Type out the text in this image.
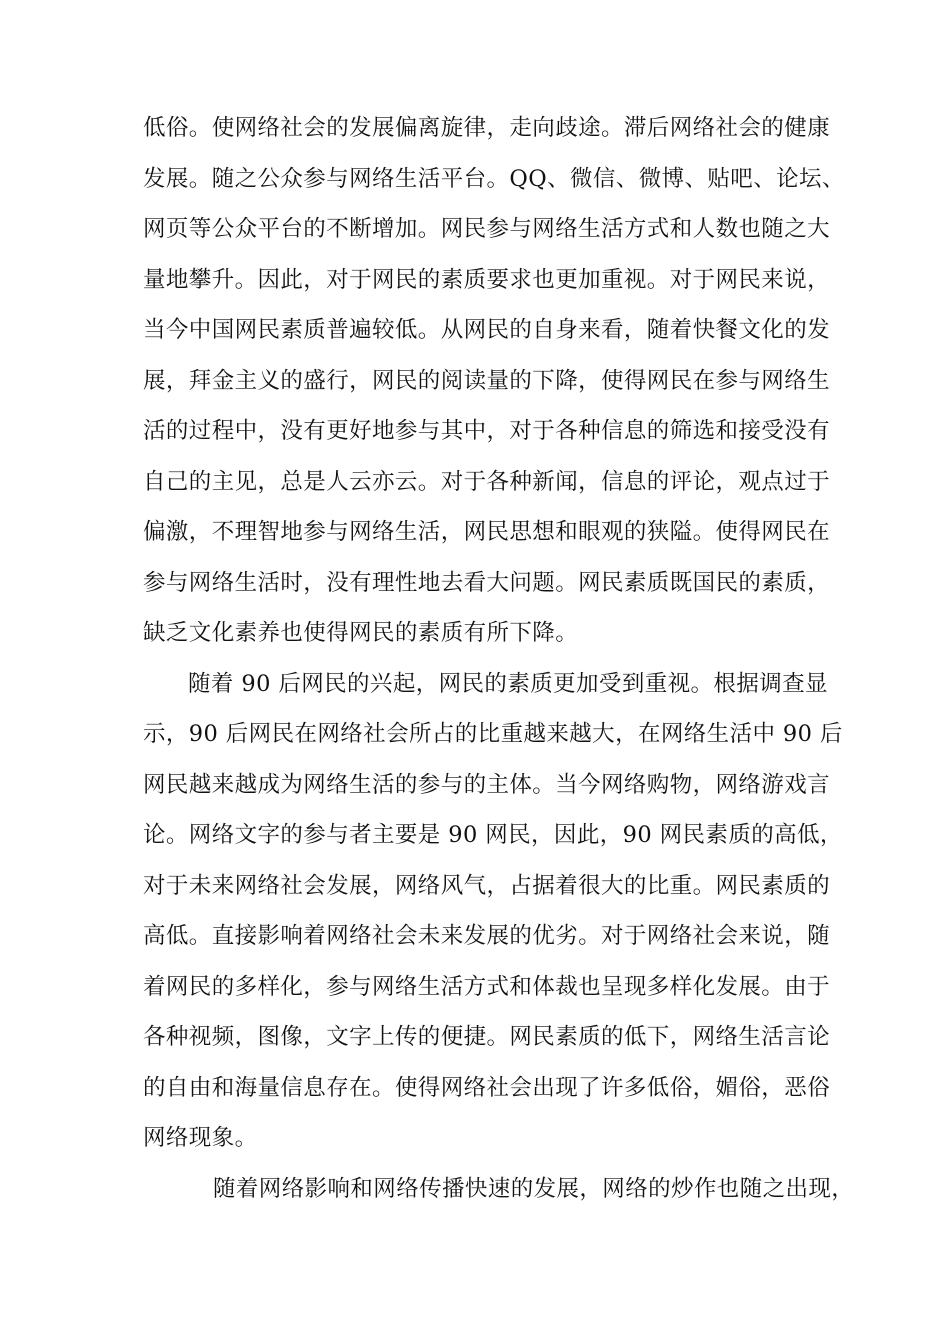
低俗。使网络社会的发展偏离旋律，走向歧途。滞后网络社会的健康
发展。随之公众参与网络生活平台。QQ、微信、微博、贴吧、论坛、
网页等公众平台的不断增加。网民参与网络生活方式和人数也随之大
量地攀升。因此，对于网民的素质要求也更加重视。对于网民来说，
当今中国网民素质普遍较低。从网民的自身来看，随着快餐文化的发
展，拜金主义的盛行，网民的阅读量的下降，使得网民在参与网络生
活的过程中，没有更好地参与其中，对于各种信息的筛选和接受没有
自己的主见，总是人云亦云。对于各种新闻，信息的评论，观点过于
偏激，不理智地参与网络生活，网民思想和眼观的狭隘。使得网民在
参与网络生活时，没有理性地去看大问题。网民素质既国民的素质，
缺乏文化素养也使得网民的素质有所下降。
随着 90 后网民的兴起，网民的素质更加受到重视。根据调查显
示，90 后网民在网络社会所占的比重越来越大，在网络生活中 90 后
网民越来越成为网络生活的参与的主体。当今网络购物，网络游戏言
论。网络文字的参与者主要是 90 网民，因此，90 网民素质的高低，
对于未来网络社会发展，网络风气，占据着很大的比重。网民素质的
高低。直接影响着网络社会未来发展的优劣。对于网络社会来说，随
着网民的多样化，参与网络生活方式和体裁也呈现多样化发展。由于
各种视频，图像，文字上传的便捷。网民素质的低下，网络生活言论
的自由和海量信息存在。使得网络社会出现了许多低俗，媚俗，恶俗
网络现象。
随着网络影响和网络传播快速的发展，网络的炒作也随之出现，
